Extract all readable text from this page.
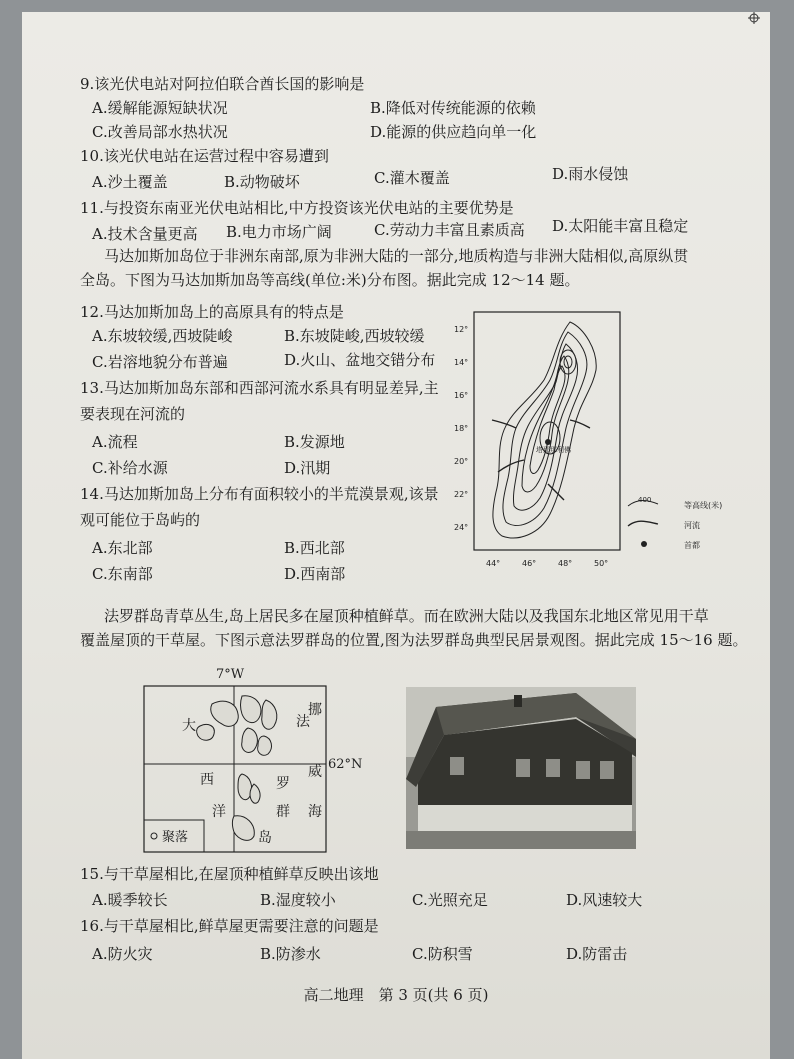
9.该光伏电站对阿拉伯联合酋长国的影响是
A.缓解能源短缺状况	B.降低对传统能源的依赖
C.改善局部水热状况	D.能源的供应趋向单一化
10.该光伏电站在运营过程中容易遭到
A.沙土覆盖	B.动物破坏	C.灌木覆盖	D.雨水侵蚀
11.与投资东南亚光伏电站相比,中方投资该光伏电站的主要优势是
A.技术含量更高 B.电力市场广阔	C.劳动力丰富且素质高 D.太阳能丰富且稳定
马达加斯加岛位于非洲东南部,原为非洲大陆的一部分,地质构造与非洲大陆相似,高原纵贯
全岛。下图为马达加斯加岛等高线(单位:米)分布图。据此完成 12～14 题。
12.马达加斯加岛上的高原具有的特点是
A.东坡较缓,西坡陡峻	B.东坡陡峻,西坡较缓
C.岩溶地貌分布普遍	D.火山、盆地交错分布
13.马达加斯加岛东部和西部河流水系具有明显差异,主
要表现在河流的
A.流程	B.发源地
C.补给水源	D.汛期
14.马达加斯加岛上分布有面积较小的半荒漠景观,该景
观可能位于岛屿的
A.东北部	B.西北部
C.东南部	D.西南部
12°
14°
16°
18°
20°
22°
24°
44°	46°	48°	50°
塔那那利佛
400
等高线(米)
河流
首都
法罗群岛青草丛生,岛上居民多在屋顶种植鲜草。而在欧洲大陆以及我国东北地区常见用干草
覆盖屋顶的干草屋。下图示意法罗群岛的位置,图为法罗群岛典型民居景观图。据此完成 15～16 题。
7°W
62°N
大
西
洋
法
罗
群
岛
挪
威
海
聚落
15.与干草屋相比,在屋顶种植鲜草反映出该地
A.暖季较长	B.湿度较小	C.光照充足	D.风速较大
16.与干草屋相比,鲜草屋更需要注意的问题是
A.防火灾	B.防渗水	C.防积雪	D.防雷击
高二地理　第 3 页(共 6 页)
